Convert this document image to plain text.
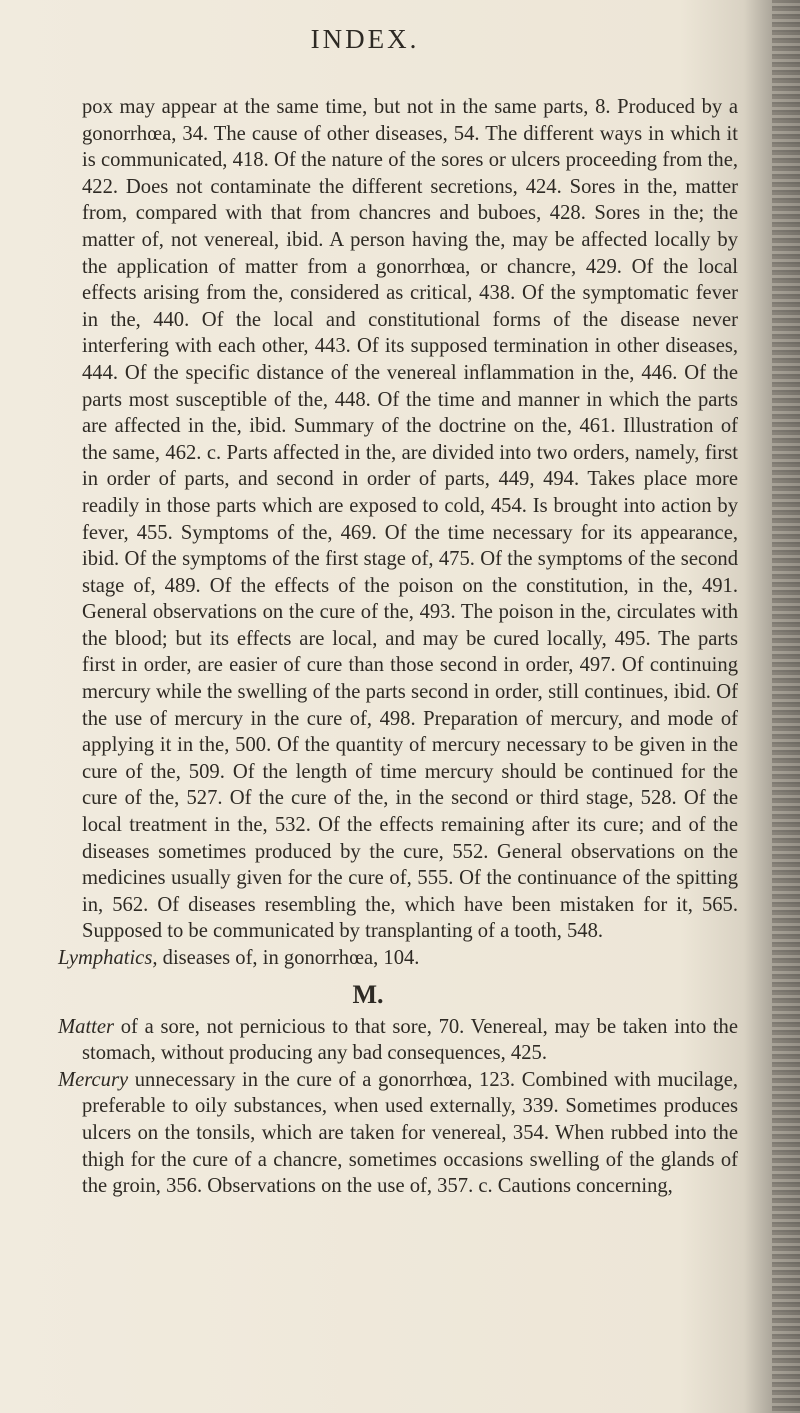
INDEX.

pox may appear at the same time, but not in the same parts, 8. Produced by a gonorrhœa, 34. The cause of other diseases, 54. The different ways in which it is communicated, 418. Of the nature of the sores or ulcers proceeding from the, 422. Does not contaminate the different secretions, 424. Sores in the, matter from, compared with that from chancres and buboes, 428. Sores in the; the matter of, not venereal, ibid. A person having the, may be affected locally by the application of matter from a gonorrhœa, or chancre, 429. Of the local effects arising from the, considered as critical, 438. Of the symptomatic fever in the, 440. Of the local and constitutional forms of the disease never interfering with each other, 443. Of its supposed termination in other diseases, 444. Of the specific distance of the venereal inflammation in the, 446. Of the parts most susceptible of the, 448. Of the time and manner in which the parts are affected in the, ibid. Summary of the doctrine on the, 461. Illustration of the same, 462. c. Parts affected in the, are divided into two orders, namely, first in order of parts, and second in order of parts, 449, 494. Takes place more readily in those parts which are exposed to cold, 454. Is brought into action by fever, 455. Symptoms of the, 469. Of the time necessary for its appearance, ibid. Of the symptoms of the first stage of, 475. Of the symptoms of the second stage of, 489. Of the effects of the poison on the constitution, in the, 491. General observations on the cure of the, 493. The poison in the, circulates with the blood; but its effects are local, and may be cured locally, 495. The parts first in order, are easier of cure than those second in order, 497. Of continuing mercury while the swelling of the parts second in order, still continues, ibid. Of the use of mercury in the cure of, 498. Preparation of mercury, and mode of applying it in the, 500. Of the quantity of mercury necessary to be given in the cure of the, 509. Of the length of time mercury should be continued for the cure of the, 527. Of the cure of the, in the second or third stage, 528. Of the local treatment in the, 532. Of the effects remaining after its cure; and of the diseases sometimes produced by the cure, 552. General observations on the medicines usually given for the cure of, 555. Of the continuance of the spitting in, 562. Of diseases resembling the, which have been mistaken for it, 565. Supposed to be communicated by transplanting of a tooth, 548.

Lymphatics, diseases of, in gonorrhœa, 104.

M.

Matter of a sore, not pernicious to that sore, 70. Venereal, may be taken into the stomach, without producing any bad consequences, 425.

Mercury unnecessary in the cure of a gonorrhœa, 123. Combined with mucilage, preferable to oily substances, when used externally, 339. Sometimes produces ulcers on the tonsils, which are taken for venereal, 354. When rubbed into the thigh for the cure of a chancre, sometimes occasions swelling of the glands of the groin, 356. Observations on the use of, 357. c. Cautions concerning,
